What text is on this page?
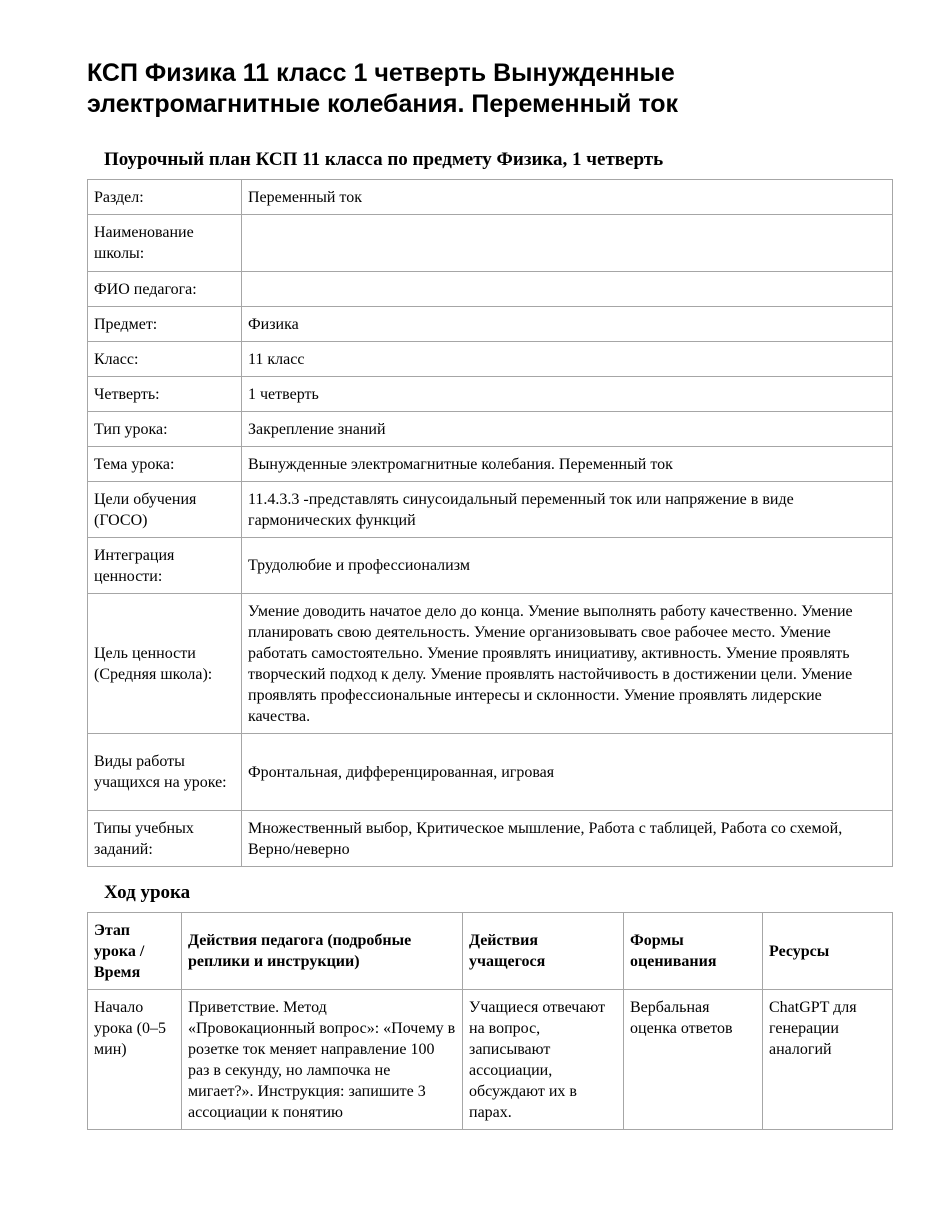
КСП Физика 11 класс 1 четверть Вынужденные электромагнитные колебания. Переменный ток
Поурочный план КСП 11 класса по предмету Физика, 1 четверть
Раздел:	Переменный ток
Наименование школы:	
ФИО педагога:	
Предмет:	Физика
Класс:	11 класс
Четверть:	1 четверть
Тип урока:	Закрепление знаний
Тема урока:	Вынужденные электромагнитные колебания. Переменный ток
Цели обучения (ГОСО)	11.4.3.3 -представлять синусоидальный переменный ток или напряжение в виде гармонических функций
Интеграция ценности:	Трудолюбие и профессионализм
Цель ценности (Средняя школа):	Умение доводить начатое дело до конца. Умение выполнять работу качественно. Умение планировать свою деятельность. Умение организовывать свое рабочее место. Умение работать самостоятельно. Умение проявлять инициативу, активность. Умение проявлять творческий подход к делу. Умение проявлять настойчивость в достижении цели. Умение проявлять профессиональные интересы и склонности. Умение проявлять лидерские качества.
Виды работы учащихся на уроке:	Фронтальная, дифференцированная, игровая
Типы учебных заданий:	Множественный выбор, Критическое мышление, Работа с таблицей, Работа со схемой, Верно/неверно
Ход урока
Этап урока / Время	Действия педагога (подробные реплики и инструкции)	Действия учащегося	Формы оценивания	Ресурсы
Начало урока (0–5 мин)	Приветствие. Метод «Провокационный вопрос»: «Почему в розетке ток меняет направление 100 раз в секунду, но лампочка не мигает?». Инструкция: запишите 3 ассоциации к понятию	Учащиеся отвечают на вопрос, записывают ассоциации, обсуждают их в парах.	Вербальная оценка ответов	ChatGPT для генерации аналогий
